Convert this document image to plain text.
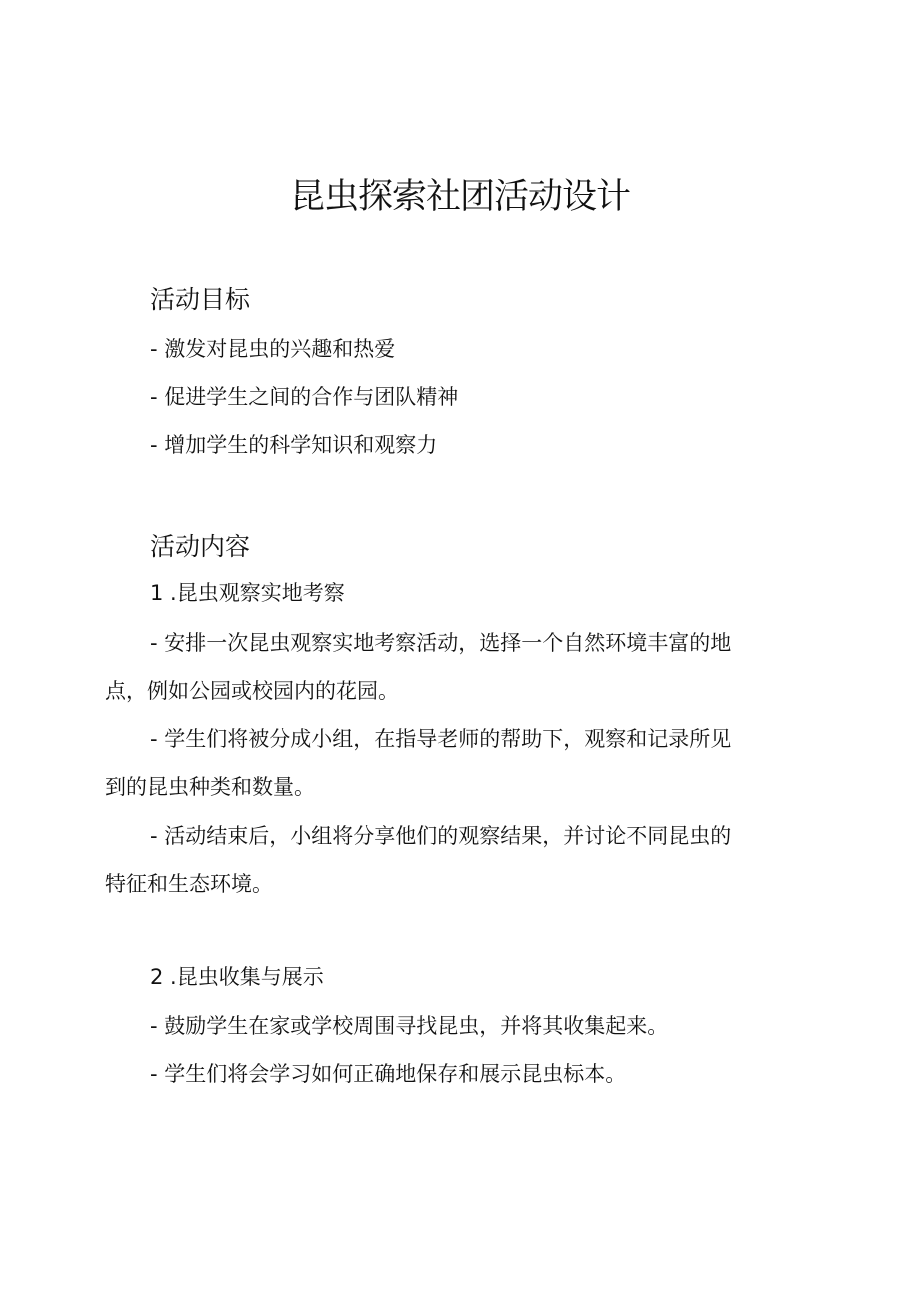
昆虫探索社团活动设计
活动目标
- 激发对昆虫的兴趣和热爱
- 促进学生之间的合作与团队精神
- 增加学生的科学知识和观察力
活动内容
1 .昆虫观察实地考察
- 安排一次昆虫观察实地考察活动，选择一个自然环境丰富的地
点，例如公园或校园内的花园。
- 学生们将被分成小组，在指导老师的帮助下，观察和记录所见
到的昆虫种类和数量。
- 活动结束后，小组将分享他们的观察结果，并讨论不同昆虫的
特征和生态环境。
2 .昆虫收集与展示
- 鼓励学生在家或学校周围寻找昆虫，并将其收集起来。
- 学生们将会学习如何正确地保存和展示昆虫标本。
